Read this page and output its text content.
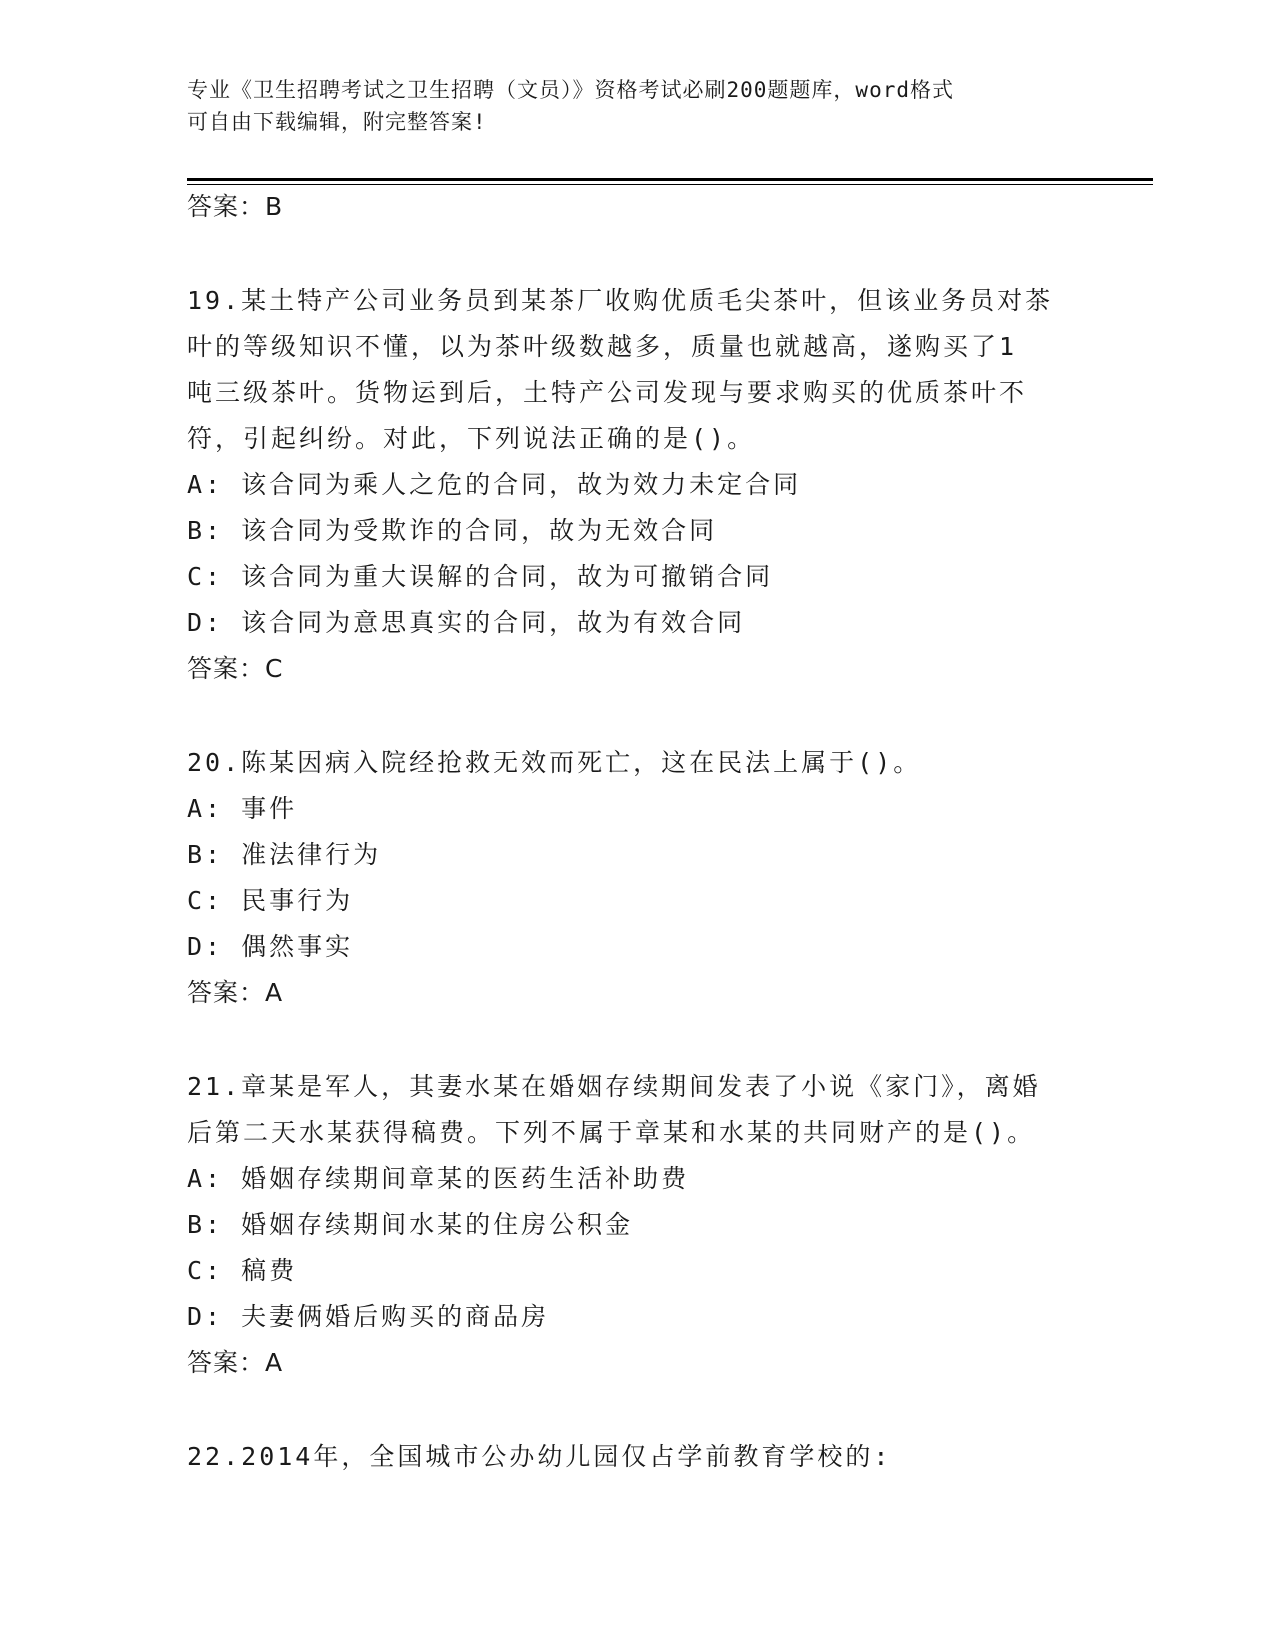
专业《卫生招聘考试之卫生招聘（文员）》资格考试必刷200题题库，word格式
可自由下载编辑，附完整答案!
答案：B
19.某土特产公司业务员到某茶厂收购优质毛尖茶叶，但该业务员对茶
叶的等级知识不懂，以为茶叶级数越多，质量也就越高，遂购买了1
吨三级茶叶。货物运到后，土特产公司发现与要求购买的优质茶叶不
符，引起纠纷。对此，下列说法正确的是()。
A: 该合同为乘人之危的合同，故为效力未定合同
B: 该合同为受欺诈的合同，故为无效合同
C: 该合同为重大误解的合同，故为可撤销合同
D: 该合同为意思真实的合同，故为有效合同
答案：C
20.陈某因病入院经抢救无效而死亡，这在民法上属于()。
A: 事件
B: 准法律行为
C: 民事行为
D: 偶然事实
答案：A
21.章某是军人，其妻水某在婚姻存续期间发表了小说《家门》，离婚
后第二天水某获得稿费。下列不属于章某和水某的共同财产的是()。
A: 婚姻存续期间章某的医药生活补助费
B: 婚姻存续期间水某的住房公积金
C: 稿费
D: 夫妻俩婚后购买的商品房
答案：A
22.2014年，全国城市公办幼儿园仅占学前教育学校的:
